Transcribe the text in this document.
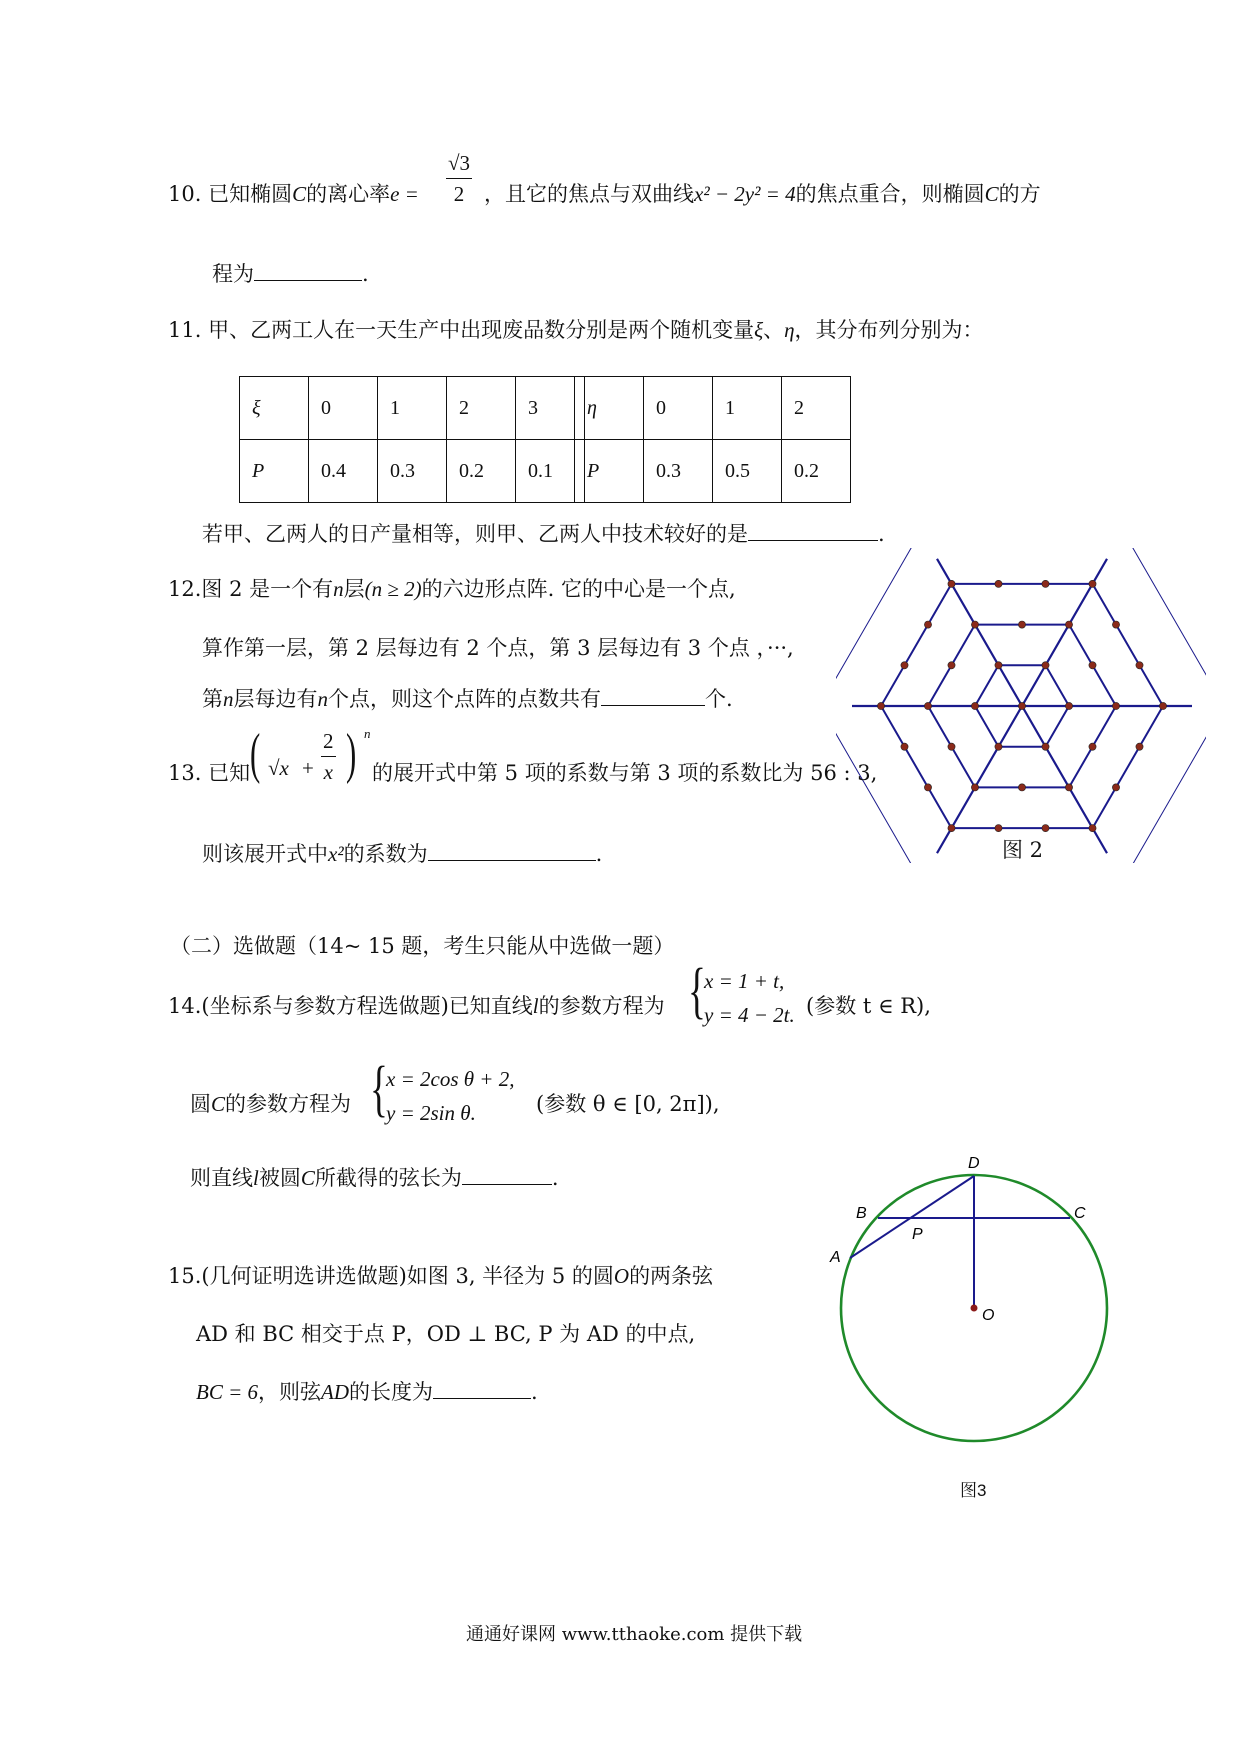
10. 已知椭圆C的离心率$e = \frac{√3}{2}$ ，且它的焦点与双曲线x² − 2y² = 4的焦点重合，则椭圆C的方
程为	.
11. 甲、乙两工人在一天生产中出现废品数分别是两个随机变量ξ、η，其分布列分别为：
ξ	0	1	2	3
P	0.4	0.3	0.2	0.1
η	0	1	2
P	0.3	0.5	0.2
若甲、乙两人的日产量相等，则甲、乙两人中技术较好的是	.
12.图 2 是一个有n层(n ≥ 2)的六边形点阵. 它的中心是一个点,
算作第一层，第 2 层每边有 2 个点，第 3 层每边有 3 个点 ，···,
第n层每边有n个点，则这个点阵的点数共有	个.
图 2
13. 已知 ( $√x + \frac{2}{x}$ ) n
的展开式中第 5 项的系数与第 3 项的系数比为 56 : 3,
则该展开式中x²的系数为	.
（二）选做题（14~ 15 题，考生只能从中选做一题）
14.(坐标系与参数方程选做题)已知直线l的参数方程为 {
x = 1 + t,
y = 4 − 2t. (参数 t ∈ R),
圆C的参数方程为 {
x = 2cos θ + 2,
y = 2sin θ.	(参数 θ ∈ [0, 2π]),
则直线l被圆C所截得的弦长为	.
15.(几何证明选讲选做题)如图 3, 半径为 5 的圆O的两条弦
AD 和 BC 相交于点 P，OD ⊥ BC, P 为 AD 的中点,
BC = 6，则弦AD的长度为	.
D
B	C
P
A
O
图3
通通好课网 www.tthaoke.com 提供下载
